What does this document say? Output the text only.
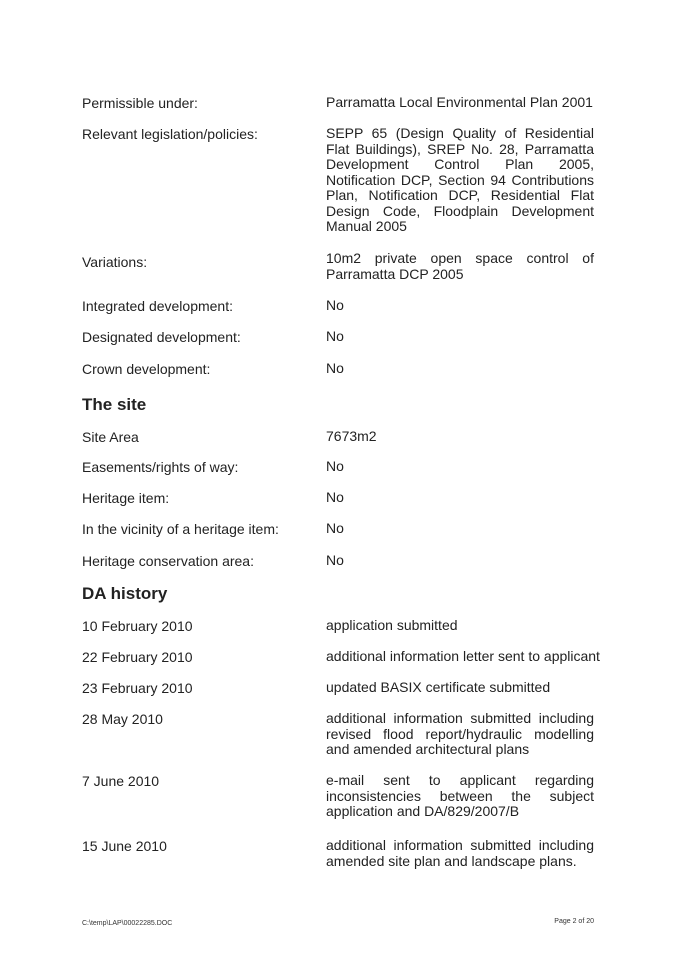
Permissible under:	Parramatta Local Environmental Plan 2001
Relevant legislation/policies:	SEPP 65 (Design Quality of Residential Flat Buildings), SREP No. 28, Parramatta Development Control Plan 2005, Notification DCP, Section 94 Contributions Plan, Notification DCP, Residential Flat Design Code, Floodplain Development Manual 2005
Variations:	10m2 private open space control of Parramatta DCP 2005
Integrated development:	No
Designated development:	No
Crown development:	No
The site
Site Area	7673m2
Easements/rights of way:	No
Heritage item:	No
In the vicinity of a heritage item:	No
Heritage conservation area:	No
DA history
10 February 2010	application submitted
22 February 2010	additional information letter sent to applicant
23 February 2010	updated BASIX certificate submitted
28 May 2010	additional information submitted including revised flood report/hydraulic modelling and amended architectural plans
7 June 2010	e-mail sent to applicant regarding inconsistencies between the subject application and DA/829/2007/B
15 June 2010	additional information submitted including amended site plan and landscape plans.
C:\temp\LAP\00022285.DOC	Page 2 of 20
